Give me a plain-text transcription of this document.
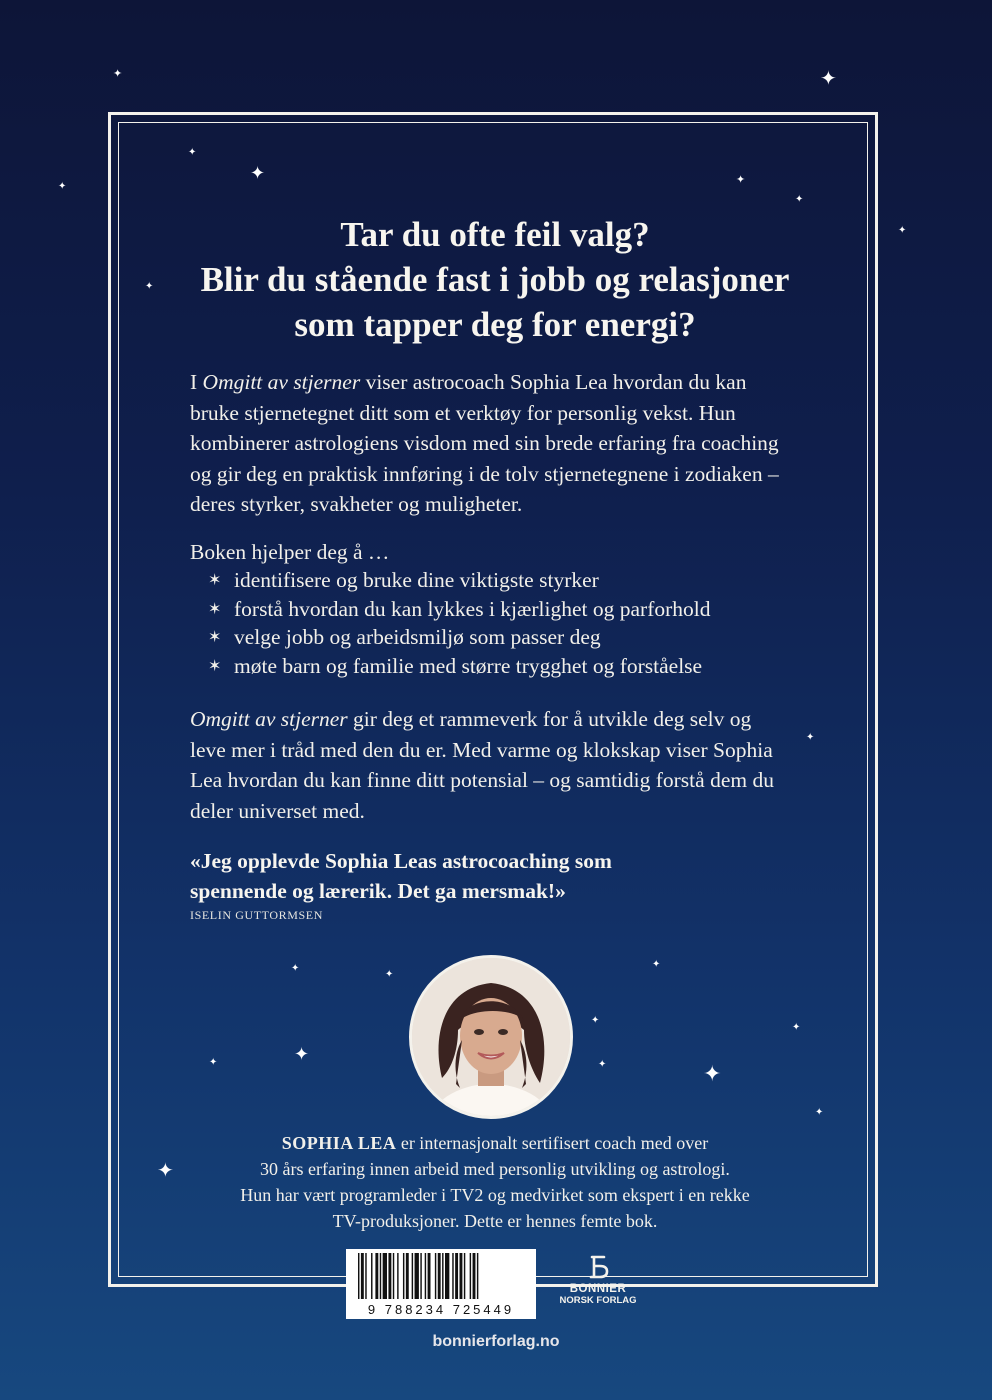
✦	✦
✦
✦
✦
✦
✦
✦
✦
✦
✦	✦
✦
✦
✦
✦
✦	✦	✦
✦
✦
Tar du ofte feil valg?
Blir du stående fast i jobb og relasjoner
som tapper deg for energi?

I Omgitt av stjerner viser astrocoach Sophia Lea hvordan du kan bruke stjernetegnet ditt som et verktøy for personlig vekst. Hun kombinerer astrologiens visdom med sin brede erfaring fra coaching og gir deg en praktisk innføring i de tolv stjernetegnene i zodiaken – deres styrker, svakheter og muligheter.

Boken hjelper deg å …

✶ identifisere og bruke dine viktigste styrker
✶ forstå hvordan du kan lykkes i kjærlighet og parforhold
✶ velge jobb og arbeidsmiljø som passer deg
✶ møte barn og familie med større trygghet og forståelse

Omgitt av stjerner gir deg et rammeverk for å utvikle deg selv og leve mer i tråd med den du er. Med varme og klokskap viser Sophia Lea hvordan du kan finne ditt potensial – og samtidig forstå dem du deler universet med.

«Jeg opplevde Sophia Leas astrocoaching som
spennende og lærerik. Det ga mersmak!»
ISELIN GUTTORMSEN
SOPHIA LEA er internasjonalt sertifisert coach med over
30 års erfaring innen arbeid med personlig utvikling og astrologi.
Hun har vært programleder i TV2 og medvirket som ekspert i en rekke
TV-produksjoner. Dette er hennes femte bok.
9 788234 725449
BONNIER
NORSK FORLAG
bonnierforlag.no
